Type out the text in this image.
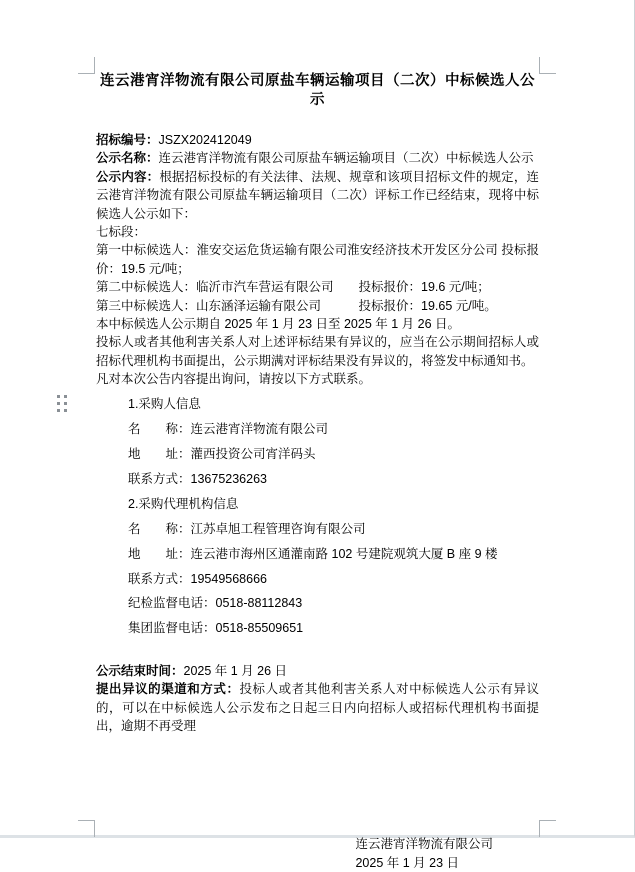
连云港宵洋物流有限公司原盐车辆运输项目（二次）中标候选人公示

招标编号：JSZX202412049

公示名称：连云港宵洋物流有限公司原盐车辆运输项目（二次）中标候选人公示

公示内容：根据招标投标的有关法律、法规、规章和该项目招标文件的规定，连云港宵洋物流有限公司原盐车辆运输项目（二次）评标工作已经结束，现将中标候选人公示如下：

七标段：

第一中标候选人：淮安交运危货运输有限公司淮安经济技术开发区分公司 投标报价：19.5 元/吨；

第二中标候选人：临沂市汽车营运有限公司　　投标报价：19.6 元/吨；

第三中标候选人：山东涵泽运输有限公司　　　投标报价：19.65 元/吨。

本中标候选人公示期自 2025 年 1 月 23 日至 2025 年 1 月 26 日。

投标人或者其他利害关系人对上述评标结果有异议的，应当在公示期间招标人或招标代理机构书面提出，公示期满对评标结果没有异议的，将签发中标通知书。

凡对本次公告内容提出询问，请按以下方式联系。

1.采购人信息
名　　称：连云港宵洋物流有限公司
地　　址：灌西投资公司宵洋码头
联系方式：13675236263
2.采购代理机构信息
名　　称：江苏卓旭工程管理咨询有限公司
地　　址：连云港市海州区通灌南路 102 号建院观筑大厦 B 座 9 楼
联系方式：19549568666
纪检监督电话：0518-88112843
集团监督电话：0518-85509651

公示结束时间：2025 年 1 月 26 日

提出异议的渠道和方式：投标人或者其他利害关系人对中标候选人公示有异议的，可以在中标候选人公示发布之日起三日内向招标人或招标代理机构书面提出，逾期不再受理

连云港宵洋物流有限公司

2025 年 1 月 23 日
